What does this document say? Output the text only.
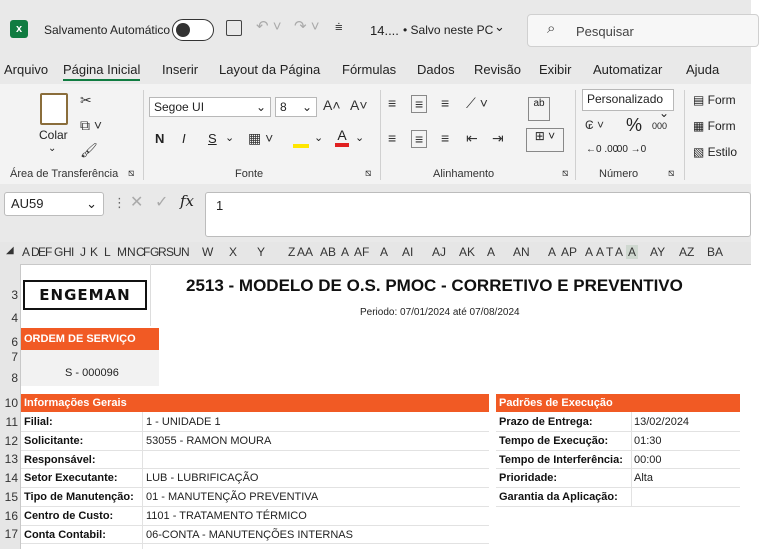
x	Salvamento Automático	↶ ˅ ↷ ˅ ⩧ 14.... • Salvo neste PC ⌄	⌕ Pesquisar
Arquivo Página Inicial Inserir Layout da Página Fórmulas Dados Revisão Exibir Automatizar Ajuda
Colar
⌄
✂
⧉ ˅
🖌
Área de Transferência ⧅
Segoe UI	⌄	8 ⌄ A˄ A˅
N I S ⌄ ▦ ˅	⌄ A ⌄
Fonte	⧅
≡ ≡ ≡ ⟋ ˅
≡ ≡ ≡ ⇤ ⇥
ab
⊞ ˅
Alinhamento	⧅
Personalizado
⌄
₢ ˅ % 000
←0 .00
.00 →0
Número	⧅
▤ Form
▦ Form
▧ Estilo
AU59	⌄ ⋮ ✕ ✓ fx	1
◢ A D
E
F G H I J K L M N C
F G
R S
U N W X Y Z AA AB A AF A AI AJ AK A AN A AP A A T A A AY AZ BA
3
4
6
7
8
10
11
12
13
14
15
16
17
ENGEMAN	2513 - MODELO DE O.S. PMOC - CORRETIVO E PREVENTIVO
Periodo: 07/01/2024 até 07/08/2024
ORDEM DE SERVIÇO
S - 000096
Informações Gerais	Padrões de Execução
Filial:	1 - UNIDADE 1
Solicitante:	53055 - RAMON MOURA
Responsável:
Setor Executante:	LUB - LUBRIFICAÇÃO
Tipo de Manutenção: 01 - MANUTENÇÃO PREVENTIVA
Centro de Custo:	1101 - TRATAMENTO TÉRMICO
Conta Contabil:	06-CONTA - MANUTENÇÕES INTERNAS
Prazo de Entrega:	13/02/2024
Tempo de Execução: 01:30
Tempo de Interferência: 00:00
Prioridade:	Alta
Garantia da Aplicação:
